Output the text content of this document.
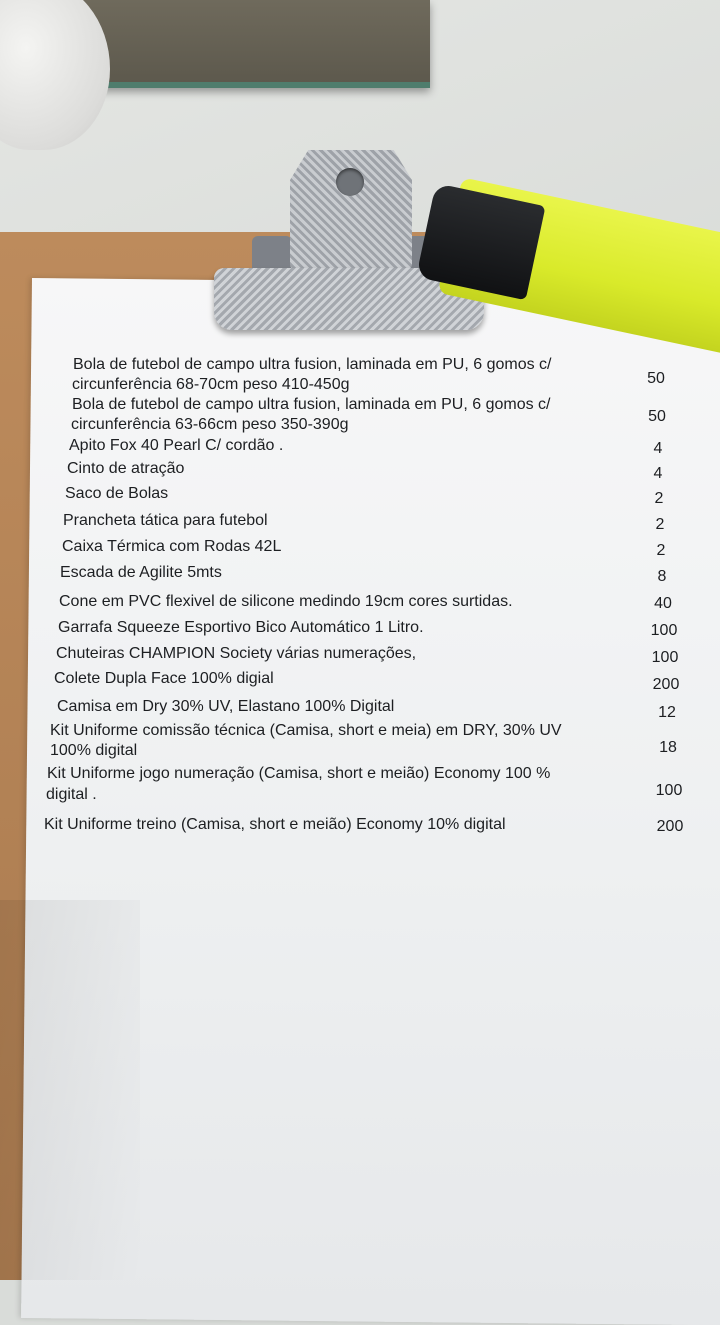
Bola de futebol de campo ultra fusion, laminada em PU, 6 gomos c/
circunferência 68-70cm peso 410-450g	50
Bola de futebol de campo ultra fusion, laminada em PU, 6 gomos c/
circunferência 63-66cm peso 350-390g	50
Apito Fox 40 Pearl C/ cordão .	4
Cinto de atração	4
Saco de Bolas	2
Prancheta tática para futebol	2
Caixa Térmica com Rodas 42L	2
Escada de Agilite 5mts	8
Cone em PVC flexivel de silicone medindo 19cm cores surtidas.	40
Garrafa Squeeze Esportivo Bico Automático 1 Litro.	100
Chuteiras CHAMPION Society várias numerações,	100
Colete Dupla Face 100% digial	200
Camisa em Dry 30% UV, Elastano 100% Digital	12
Kit Uniforme comissão técnica (Camisa, short e meia) em DRY, 30% UV
100% digital	18
Kit Uniforme jogo numeração (Camisa, short e meião) Economy 100 %
digital .	100
Kit Uniforme treino (Camisa, short e meião) Economy 10% digital	200
